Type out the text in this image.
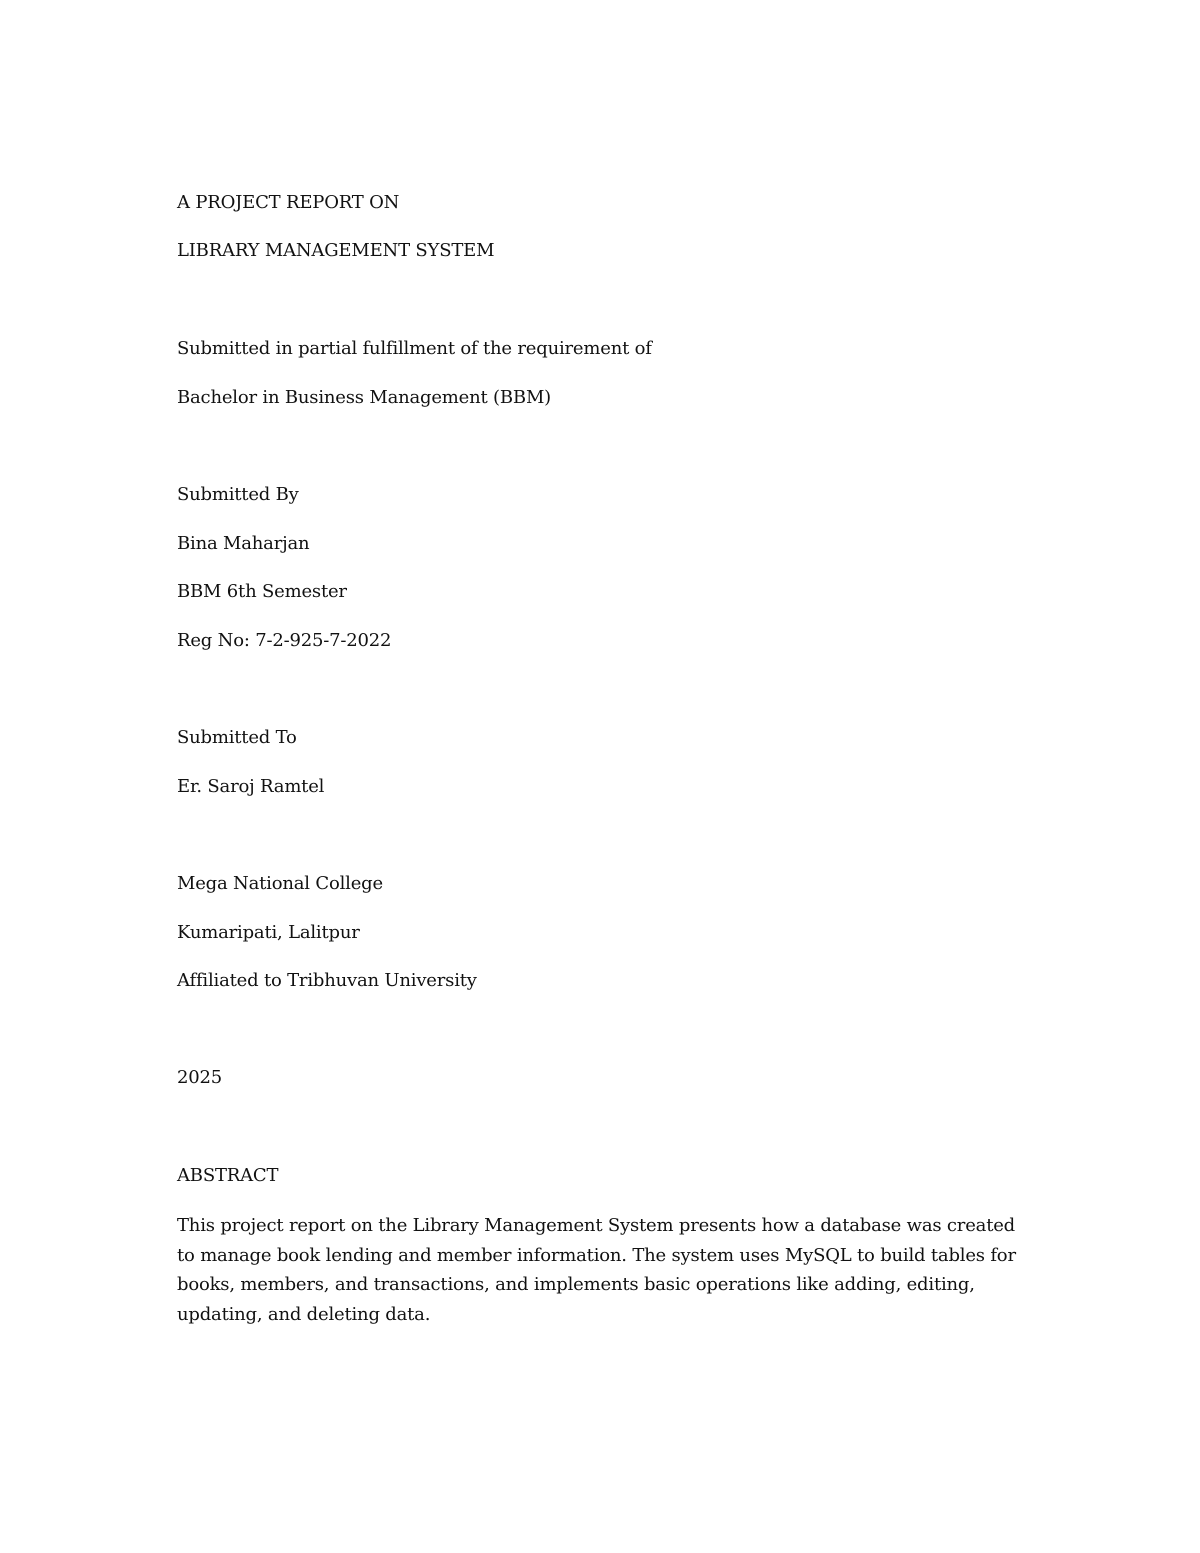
A PROJECT REPORT ON
LIBRARY MANAGEMENT SYSTEM
Submitted in partial fulfillment of the requirement of
Bachelor in Business Management (BBM)
Submitted By
Bina Maharjan
BBM 6th Semester
Reg No: 7-2-925-7-2022
Submitted To
Er. Saroj Ramtel
Mega National College
Kumaripati, Lalitpur
Affiliated to Tribhuvan University
2025
ABSTRACT
This project report on the Library Management System presents how a database was created to manage book lending and member information. The system uses MySQL to build tables for books, members, and transactions, and implements basic operations like adding, editing, updating, and deleting data.
